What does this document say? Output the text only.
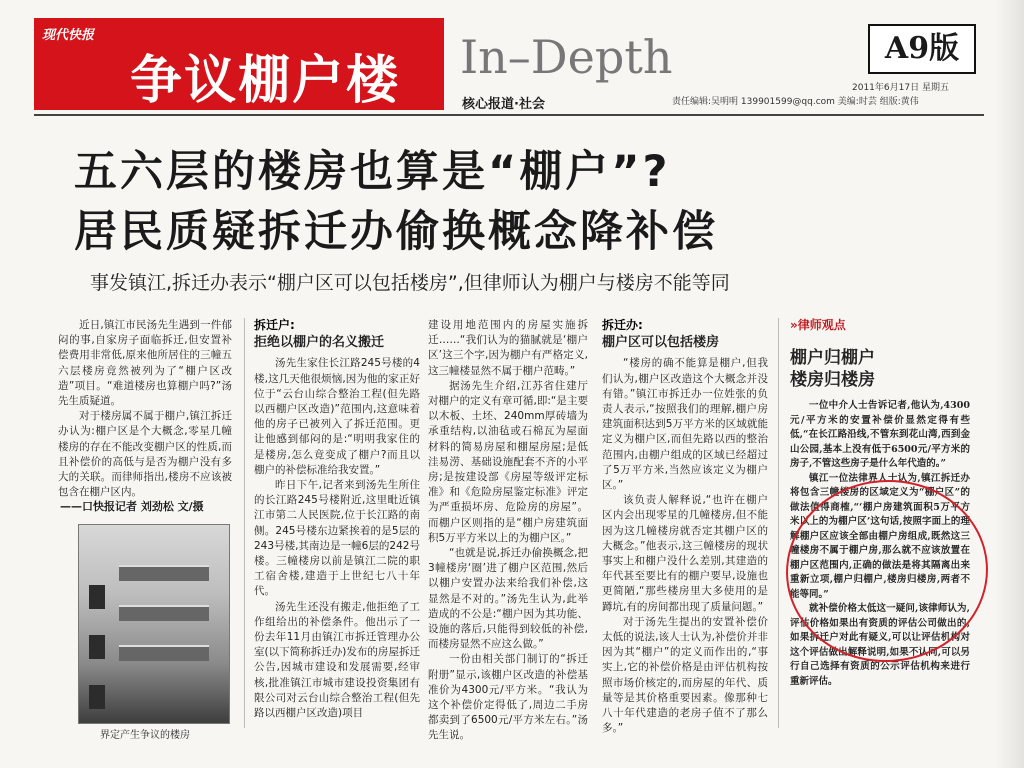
现代快报
争议棚户楼 In–Depth
核心报道·社会
A9版
2011年6月17日 星期五
责任编辑:吴明明 139901599@qq.com 美编:时芸 组版:黄伟
五六层的楼房也算是“棚户”?
居民质疑拆迁办偷换概念降补偿
事发镇江,拆迁办表示“棚户区可以包括楼房”,但律师认为棚户与楼房不能等同

近日,镇江市民汤先生遇到一件郁闷的事,自家房子面临拆迁,但安置补偿费用非常低,原来他所居住的三幢五六层楼房竟然被列为了“棚户区改造”项目。“难道楼房也算棚户吗?”汤先生质疑道。

对于楼房属不属于棚户,镇江拆迁办认为:棚户区是个大概念,零星几幢楼房的存在不能改变棚户区的性质,而且补偿价的高低与是否为棚户没有多大的关联。而律师指出,楼房不应该被包含在棚户区内。

——口快报记者 刘劲松 文/摄
界定产生争议的楼房
拆迁户:
拒绝以棚户的名义搬迁

汤先生家住长江路245号楼的4楼,这几天他很烦恼,因为他的家正好位于“云台山综合整治工程(但先路以西棚户区改造)”范围内,这意味着他的房子已被列入了拆迁范围。更让他感到郁闷的是:“明明我家住的是楼房,怎么竟变成了棚户?而且以棚户的补偿标准给我安置。”

昨日下午,记者来到汤先生所住的长江路245号楼附近,这里毗近镇江市第二人民医院,位于长江路的南侧。245号楼东边紧挨着的是5层的243号楼,其南边是一幢6层的242号楼。三幢楼房以前是镇江二院的职工宿舍楼,建造于上世纪七八十年代。

汤先生还没有搬走,他拒绝了工作组给出的补偿条件。他出示了一份去年11月由镇江市拆迁管理办公室(以下简称拆迁办)发布的房屋拆迁公告,因城市建设和发展需要,经审核,批准镇江市城市建设投资集团有限公司对云台山综合整治工程(但先路以西棚户区改造)项目

建设用地范围内的房屋实施拆迁……“我们认为的猫腻就是‘棚户区’这三个字,因为棚户有严格定义,这三幢楼显然不属于棚户范畴。”

据汤先生介绍,江苏省住建厅对棚户的定义有章可循,即:“是主要以木板、土坯、240mm厚砖墙为承重结构,以油毡或石棉瓦为屋面材料的简易房屋和棚屋房屋;是低洼易涝、基础设施配套不齐的小平房;是按建设部《房屋等级评定标准》和《危险房屋鉴定标准》评定为严重损坏房、危险房的房屋”。而棚户区则指的是“棚户房建筑面积5万平方米以上的为棚户区。”

“也就是说,拆迁办偷换概念,把3幢楼房‘圈’进了棚户区范围,然后以棚户安置办法来给我们补偿,这显然是不对的。”汤先生认为,此举造成的不公是:“棚户因为其功能、设施的落后,只能得到较低的补偿,而楼房显然不应这么做。”

一份由相关部门制订的“拆迁附册”显示,该棚户区改造的补偿基准价为4300元/平方米。“我认为这个补偿价定得低了,周边二手房都卖到了6500元/平方米左右。”汤先生说。

拆迁办:
棚户区可以包括楼房

“楼房的确不能算是棚户,但我们认为,棚户区改造这个大概念并没有错。”镇江市拆迁办一位姓张的负责人表示,“按照我们的理解,棚户房建筑面积达到5万平方米的区域就能定义为棚户区,而但先路以西的整治范围内,由棚户组成的区域已经超过了5万平方米,当然应该定义为棚户区。”

该负责人解释说,“也许在棚户区内会出现零星的几幢楼房,但不能因为这几幢楼房就否定其棚户区的大概念。”他表示,这三幢楼房的现状事实上和棚户没什么差别,其建造的年代甚至要比有的棚户要早,设施也更简陋,“那些楼房里大多使用的是蹲坑,有的房间都出现了质量问题。”

对于汤先生提出的安置补偿价太低的说法,该人士认为,补偿价并非因为其“棚户”的定义而作出的,“事实上,它的补偿价格是由评估机构按照市场价核定的,而房屋的年代、质量等是其价格重要因素。像那种七八十年代建造的老房子值不了那么多。”

»律师观点
棚户归棚户
楼房归楼房

一位中介人士告诉记者,他认为,4300元/平方米的安置补偿价显然定得有些低,“在长江路沿线,不管东到花山湾,西到金山公园,基本上没有低于6500元/平方米的房子,不管这些房子是什么年代造的。”

镇江一位法律界人士认为,镇江拆迁办将包含三幢楼房的区域定义为“棚户区”的做法值得商榷,“‘棚户房建筑面积5万平方米以上的为棚户区’这句话,按照字面上的理解棚户区应该全部由棚户房组成,既然这三幢楼房不属于棚户房,那么就不应该放置在棚户区范围内,正确的做法是将其隔离出来重新立项,棚户归棚户,楼房归楼房,两者不能等同。”

就补偿价格太低这一疑问,该律师认为,评估价格如果出有资质的评估公司做出的,如果拆迁户对此有疑义,可以让评估机构对这个评估做出解释说明,如果不认同,可以另行自己选择有资质的公示评估机构来进行重新评估。
